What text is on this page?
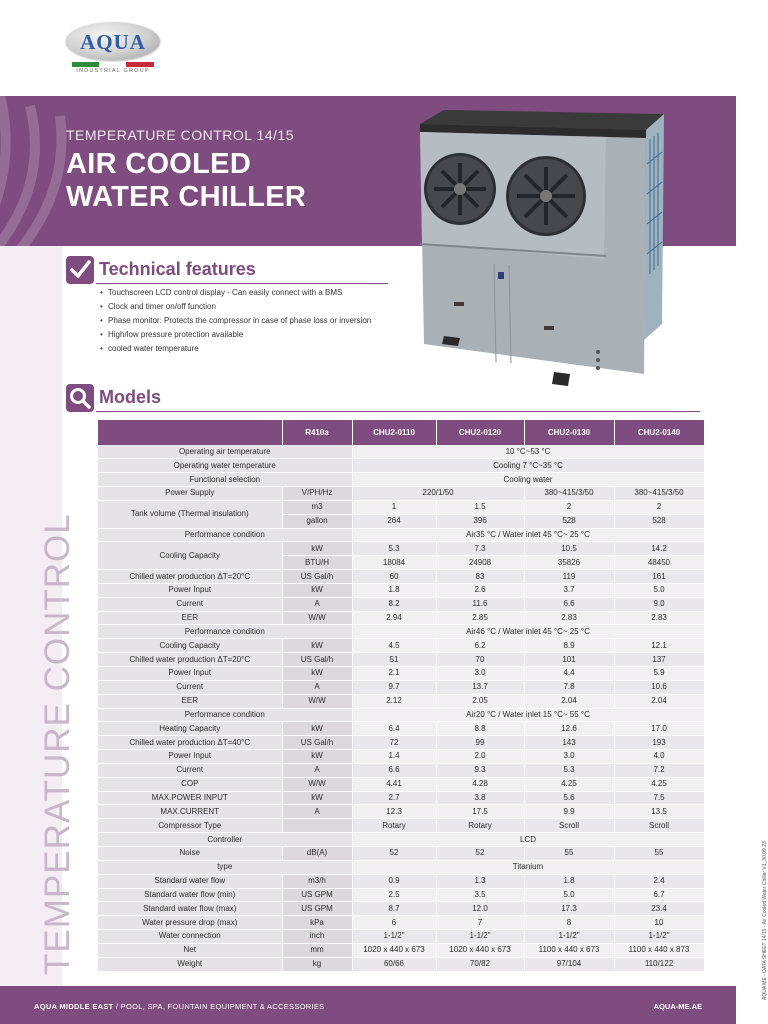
AQUA
INDUSTRIAL GROUP
TEMPERATURE CONTROL 14/15
AIR COOLED
WATER CHILLER
TEMPERATURE CONTROL
Technical features
• Touchscreen LCD control display - Can easily connect with a BMS
• Clock and timer on/off function
• Phase monitor: Protects the compressor in case of phase loss or inversion
• High/low pressure protection available
• cooled water temperature
Models
	R410a	CHU2-0110	CHU2-0120	CHU2-0130	CHU2-0140
Operating air temperature		10 °C~53 °C			
Operating water temperature		Cooling 7 °C~35 °C			
Functional selection		Cooling water			
Power Supply	V/PH/Hz	220/1/50		380~415/3/50	380~415/3/50
Tank volume (Thermal insulation)	m3	1	1.5	2	2
	gallon	264	396	528	528
Performance condition		Air35 °C / Water inlet 45 °C~ 25 °C			
Cooling Capacity	kW	5.3	7.3	10.5	14.2
	BTU/H	18084	24908	35826	48450
Chilled water production ΔT=20°C	US Gal/h	60	83	119	161
Power Input	kW	1.8	2.6	3.7	5.0
Current	A	8.2	11.6	6.6	9.0
EER	W/W	2.94	2.85	2.83	2.83
Performance condition		Air46 °C / Water inlet 45 °C~ 25 °C			
Cooling Capacity	kW	4.5	6.2	8.9	12.1
Chilled water production ΔT=20°C	US Gal/h	51	70	101	137
Power Input	kW	2.1	3.0	4.4	5.9
Current	A	9.7	13.7	7.8	10.6
EER	W/W	2.12	2.05	2.04	2.04
Performance condition		Air20 °C / Water inlet 15 °C~ 55 °C			
Heating Capacity	kW	6.4	8.8	12.6	17.0
Chilled water production ΔT=40°C	US Gal/h	72	99	143	193
Power Input	kW	1.4	2.0	3.0	4.0
Current	A	6.6	9.3	5.3	7.2
COP	W/W	4.41	4.28	4.25	4.25
MAX.POWER INPUT	kW	2.7	3.8	5.6	7.5
MAX.CURRENT	A	12.3	17.5	9.9	13.5
Compressor Type		Rotary	Rotary	Scroll	Scroll
Controller		LCD			
Noise	dB(A)	52	52	55	55
type		Titanium			
Standard water flow	m3/h	0.9	1.3	1.8	2.4
Standard water flow (min)	US GPM	2.5	3.5	5.0	6.7
Standard water flow (max)	US GPM	8.7	12.0	17.3	23.4
Water pressure drop (max)	kPa	6	7	8	10
Water connection	inch	1-1/2"	1-1/2"	1-1/2"	1-1/2"
Net	mm	1020 x 440 x 673	1020 x 440 x 673	1100 x 440 x 673	1100 x 440 x 873
Weight	kg	60/66	70/82	97/104	110/122
AQUA MIDDLE EAST / POOL, SPA, FOUNTAIN EQUIPMENT & ACCESSORIES	AQUA-ME.AE
AQUA ME - DATA SHEET 14/15 - Air Cooled Water Chiller V1_30.09.23
